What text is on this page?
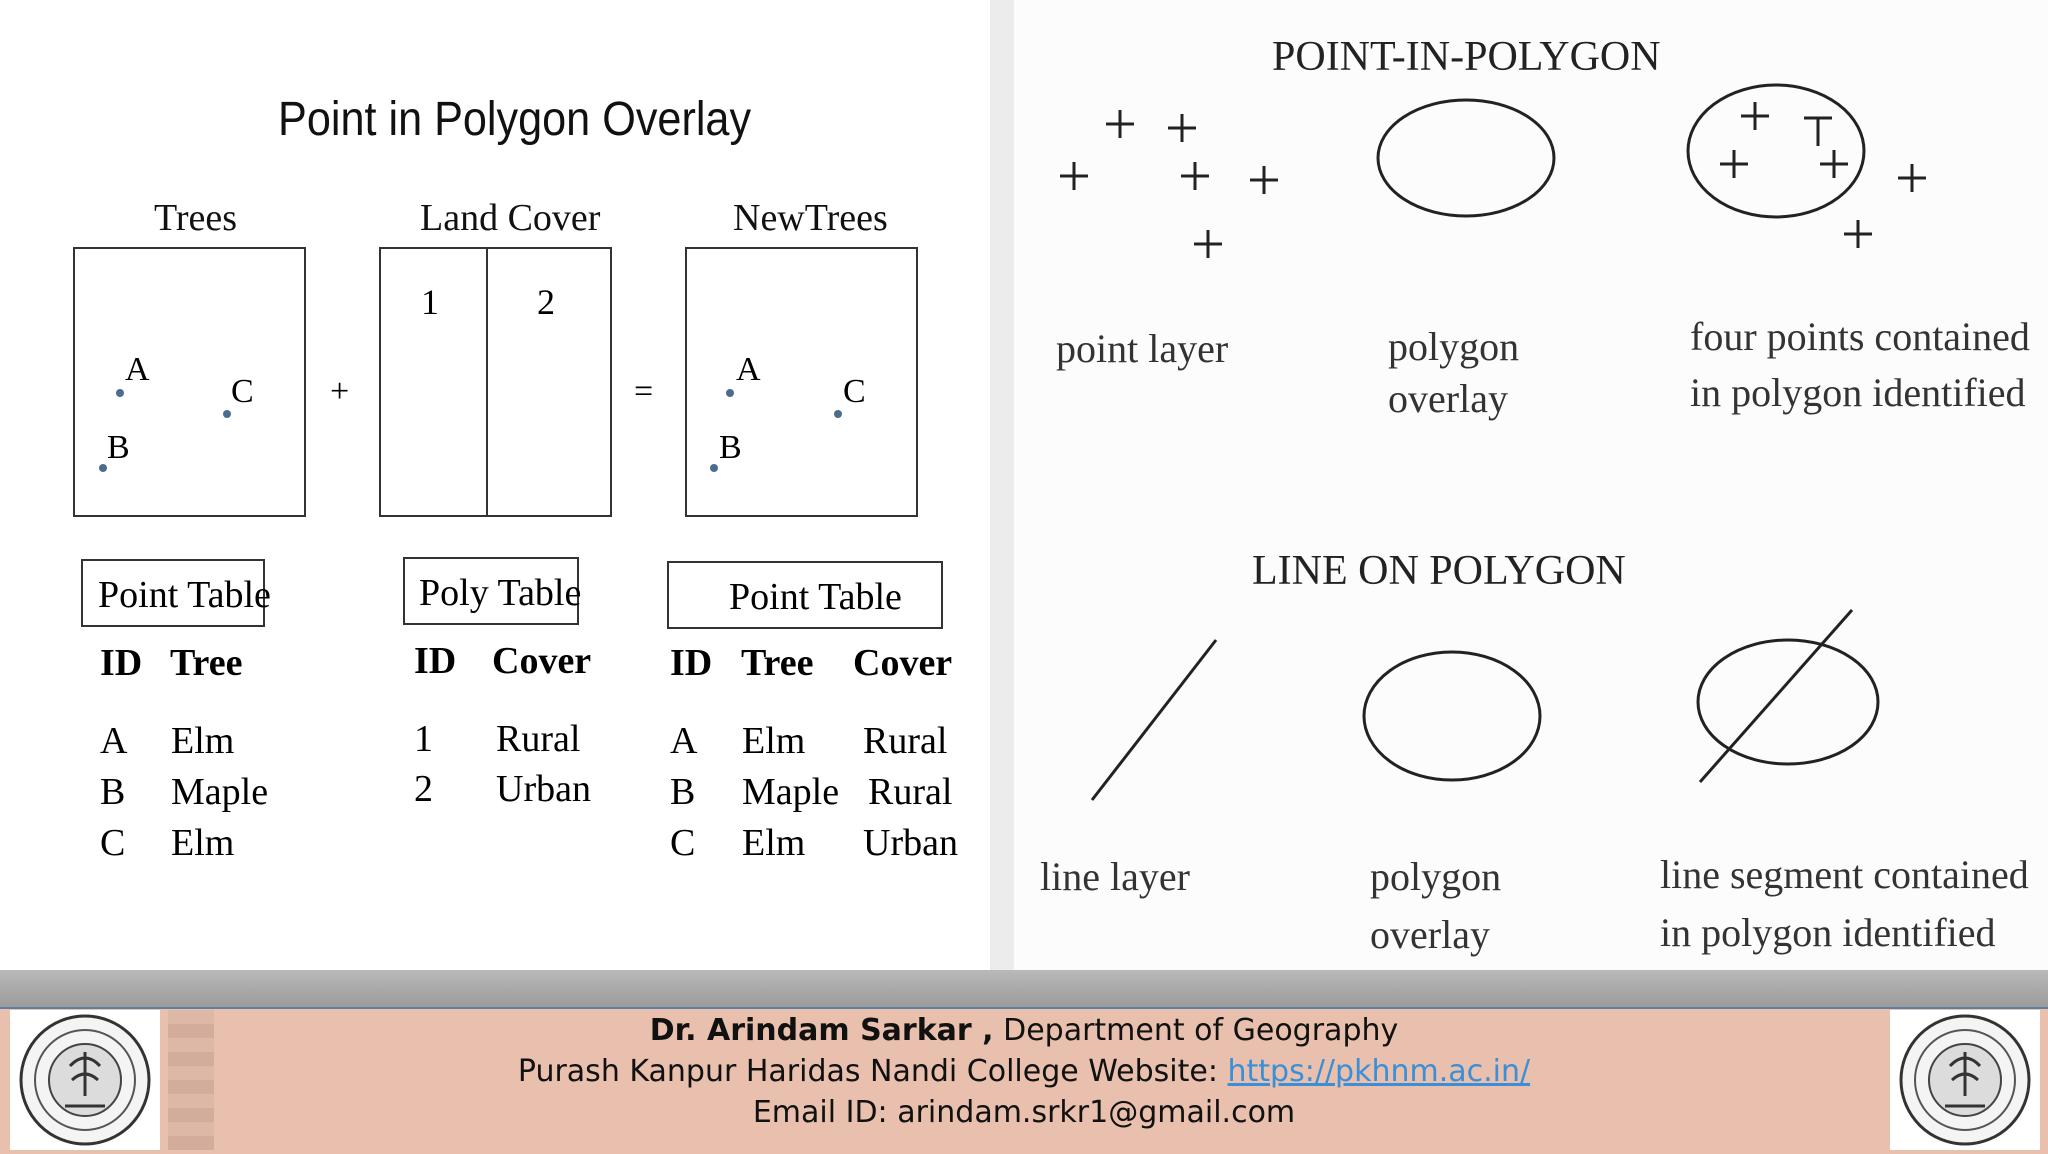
Point in Polygon Overlay
Trees	Land Cover	NewTrees
A
B
C
1	2
A
B
C
+	=
Point Table
ID Tree
A Elm
B Maple
C Elm
Poly Table
ID Cover
1 Rural
2 Urban
Point Table
ID Tree Cover
A Elm Rural
B Maple Rural
C Elm Urban
POINT-IN-POLYGON
point layer	polygon
overlay
four points contained
in polygon identified
LINE ON POLYGON
line layer	polygon
overlay
line segment contained
in polygon identified
Dr. Arindam Sarkar , Department of Geography
Purash Kanpur Haridas Nandi College Website: https://pkhnm.ac.in/
Email ID: arindam.srkr1@gmail.com
